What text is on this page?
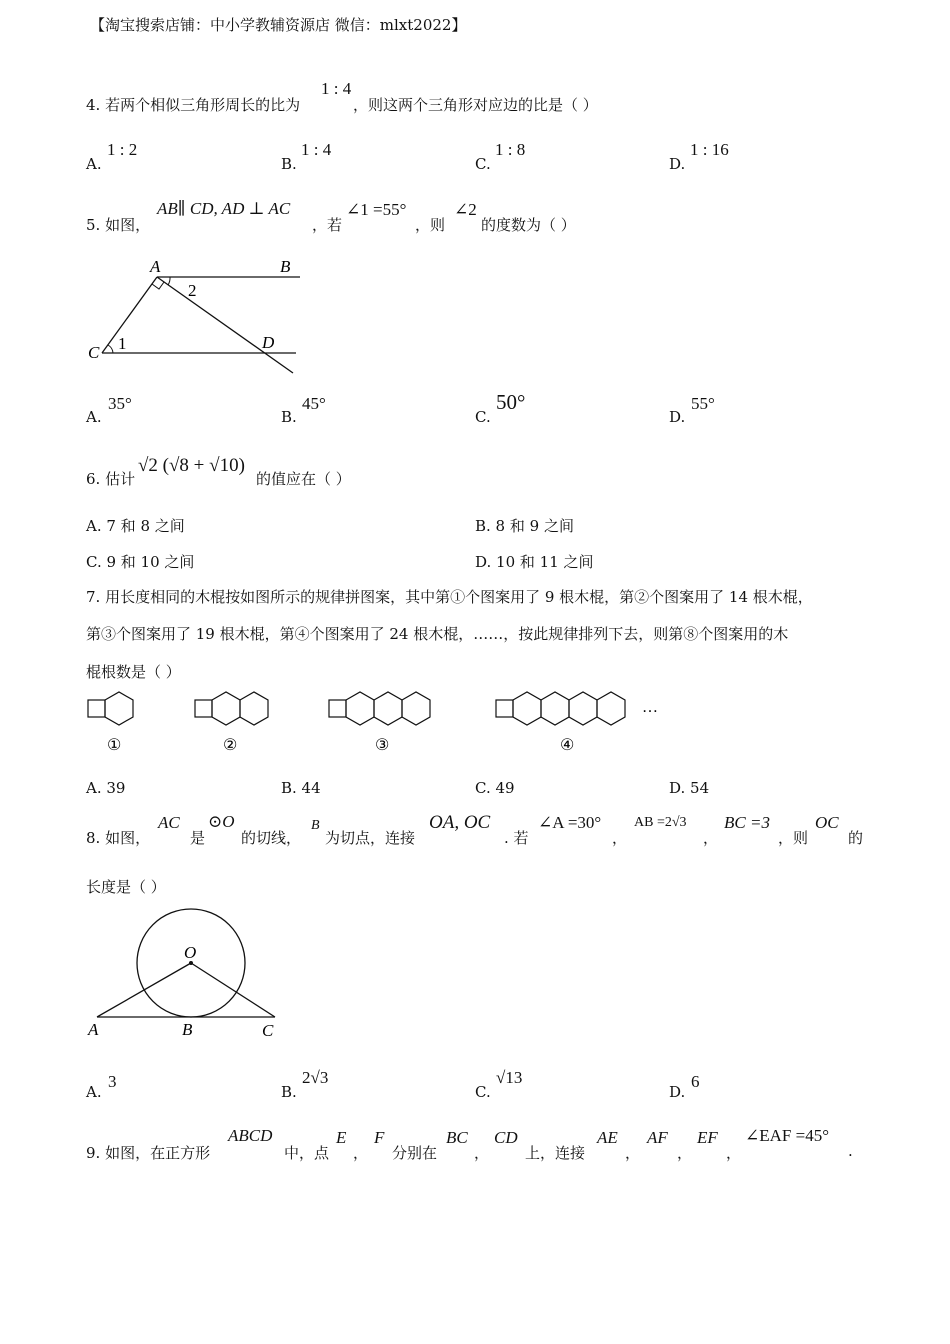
【淘宝搜索店铺：中小学教辅资源店 微信：mlxt2022】
4. 若两个相似三角形周长的比为
1 : 4
，则这两个三角形对应边的比是（ ）
A.
1 : 2
B.
1 : 4
C.
1 : 8
D.
1 : 16
5. 如图，
AB∥ CD, AD ⊥ AC
，若
∠1 =55°
，则
∠2
的度数为（ ）
A	B
C
D
1
2
A.
35°
B.
45°
C.
50°
D.
55°
6. 估计
√2 (√8 + √10)
的值应在（ ）
A. 7 和 8 之间	B. 8 和 9 之间
C. 9 和 10 之间	D. 10 和 11 之间
7. 用长度相同的木棍按如图所示的规律拼图案，其中第①个图案用了 9 根木棍，第②个图案用了 14 根木棍，
第③个图案用了 19 根木棍，第④个图案用了 24 根木棍，……，按此规律排列下去，则第⑧个图案用的木
棍根数是（ ）
…
①	②	③	④
A. 39	B. 44	C. 49	D. 54
8. 如图，
AC
是
⊙O
的切线，
B
为切点，连接
OA, OC
. 若
∠A =30°
，
AB =2√3
，
BC =3
，则
OC
的
长度是（ ）
O
A	B	C
A.
3
B.
2√3
C.
√13
D.
6
9. 如图，在正方形
ABCD
中，点
E
，
F
分别在
BC
，
CD
上，连接
AE
，
AF
，
EF
，
∠EAF =45°
.
